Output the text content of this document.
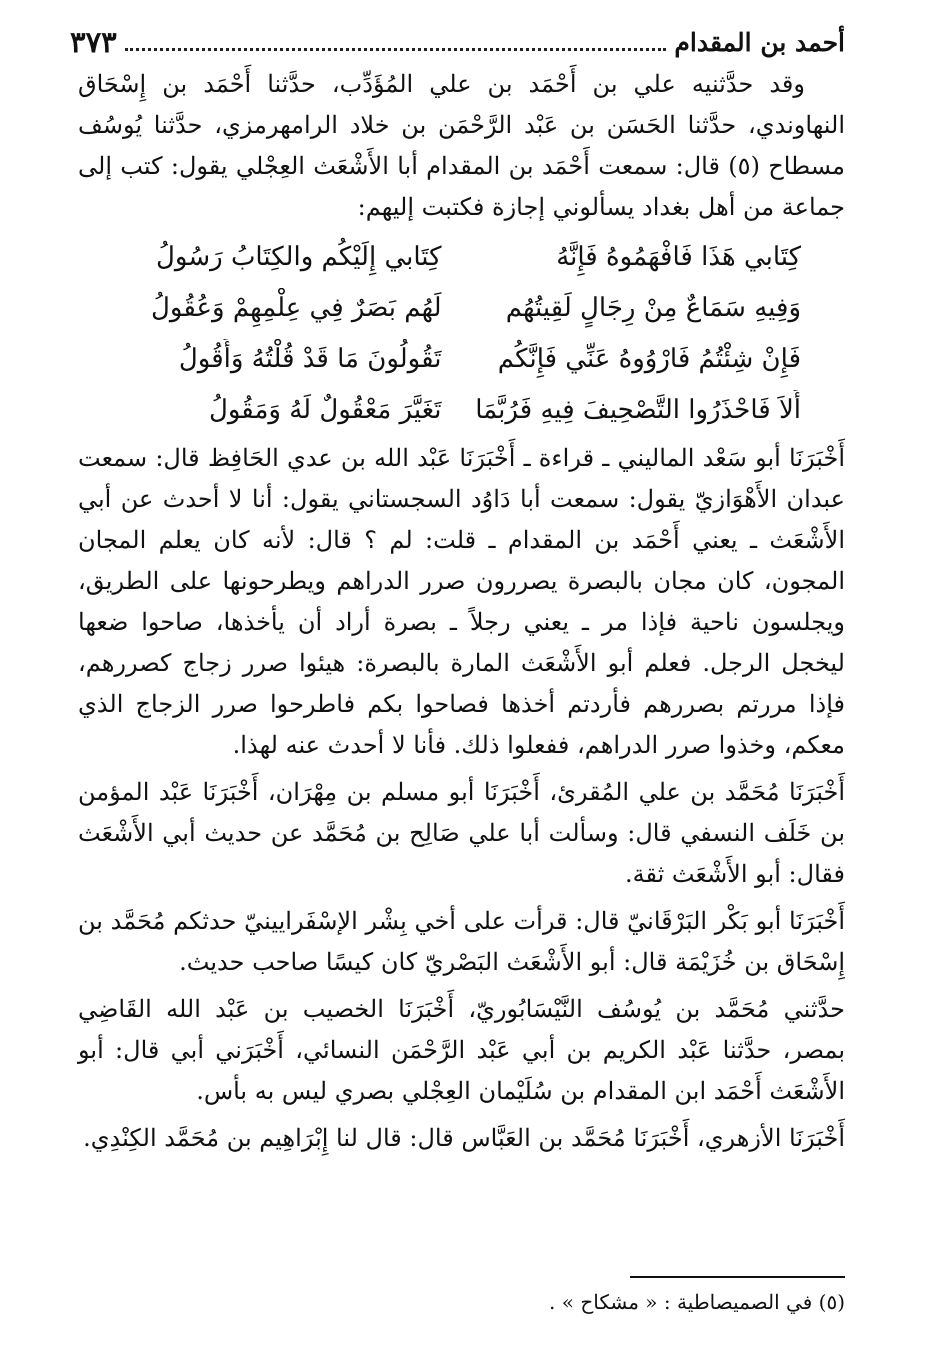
أحمد بن المقدام
٣٧٣

وقد حدَّثنيه علي بن أَحْمَد بن علي المُؤَدِّب، حدَّثنا أَحْمَد بن إِسْحَاق النهاوندي، حدَّثنا الحَسَن بن عَبْد الرَّحْمَن بن خلاد الرامهرمزي، حدَّثنا يُوسُف مسطاح (٥) قال: سمعت أَحْمَد بن المقدام أبا الأَشْعَث العِجْلي يقول: كتب إلى جماعة من أهل بغداد يسألوني إجازة فكتبت إليهم:

كِتَابي هَذَا فَافْهَمُوهُ فَإِنَّهُ
كِتَابي إِلَيْكُم والكِتَابُ رَسُولُ
وَفِيهِ سَمَاعٌ مِنْ رِجَالٍ لَقِيتُهُم
لَهُم بَصَرٌ فِي عِلْمِهِمْ وَعُقُولُ
فَإِنْ شِئْتُمُ فَارْوُوهُ عَنِّي فَإِنَّكُم
تَقُولُونَ مَا قَدْ قُلْتُهُ وَأَقُولُ
أَلاَ فَاحْذَرُوا التَّصْحِيفَ فِيهِ فَرُبَّمَا
تَغَيَّرَ مَعْقُولٌ لَهُ وَمَقُولُ

أَخْبَرَنَا أبو سَعْد الماليني ـ قراءة ـ أَخْبَرَنَا عَبْد الله بن عدي الحَافِظ قال: سمعت عبدان الأَهْوَازيّ يقول: سمعت أبا دَاوُد السجستاني يقول: أنا لا أحدث عن أبي الأَشْعَث ـ يعني أَحْمَد بن المقدام ـ قلت: لم ؟ قال: لأنه كان يعلم المجان المجون، كان مجان بالبصرة يصررون صرر الدراهم ويطرحونها على الطريق، ويجلسون ناحية فإذا مر ـ يعني رجلاً ـ بصرة أراد أن يأخذها، صاحوا ضعها ليخجل الرجل. فعلم أبو الأَشْعَث المارة بالبصرة: هيئوا صرر زجاج كصررهم، فإذا مررتم بصررهم فأردتم أخذها فصاحوا بكم فاطرحوا صرر الزجاج الذي معكم، وخذوا صرر الدراهم، ففعلوا ذلك. فأنا لا أحدث عنه لهذا.

أَخْبَرَنَا مُحَمَّد بن علي المُقرئ، أَخْبَرَنَا أبو مسلم بن مِهْرَان، أَخْبَرَنَا عَبْد المؤمن بن خَلَف النسفي قال: وسألت أبا علي صَالِح بن مُحَمَّد عن حديث أبي الأَشْعَث فقال: أبو الأَشْعَث ثقة.

أَخْبَرَنَا أبو بَكْر البَرْقَانيّ قال: قرأت على أخي بِشْر الإسْفَرايينيّ حدثكم مُحَمَّد بن إِسْحَاق بن خُزَيْمَة قال: أبو الأَشْعَث البَصْريّ كان كيسًا صاحب حديث.

حدَّثني مُحَمَّد بن يُوسُف النَّيْسَابُوريّ، أَخْبَرَنَا الخصيب بن عَبْد الله القَاضِي بمصر، حدَّثنا عَبْد الكريم بن أبي عَبْد الرَّحْمَن النسائي، أَخْبَرَني أبي قال: أبو الأَشْعَث أَحْمَد ابن المقدام بن سُلَيْمان العِجْلي بصري ليس به بأس.

أَخْبَرَنَا الأزهري، أَخْبَرَنَا مُحَمَّد بن العَبَّاس قال: قال لنا إِبْرَاهِيم بن مُحَمَّد الكِنْدِي.

(٥) في الصميصاطية : « مشكاح » .
